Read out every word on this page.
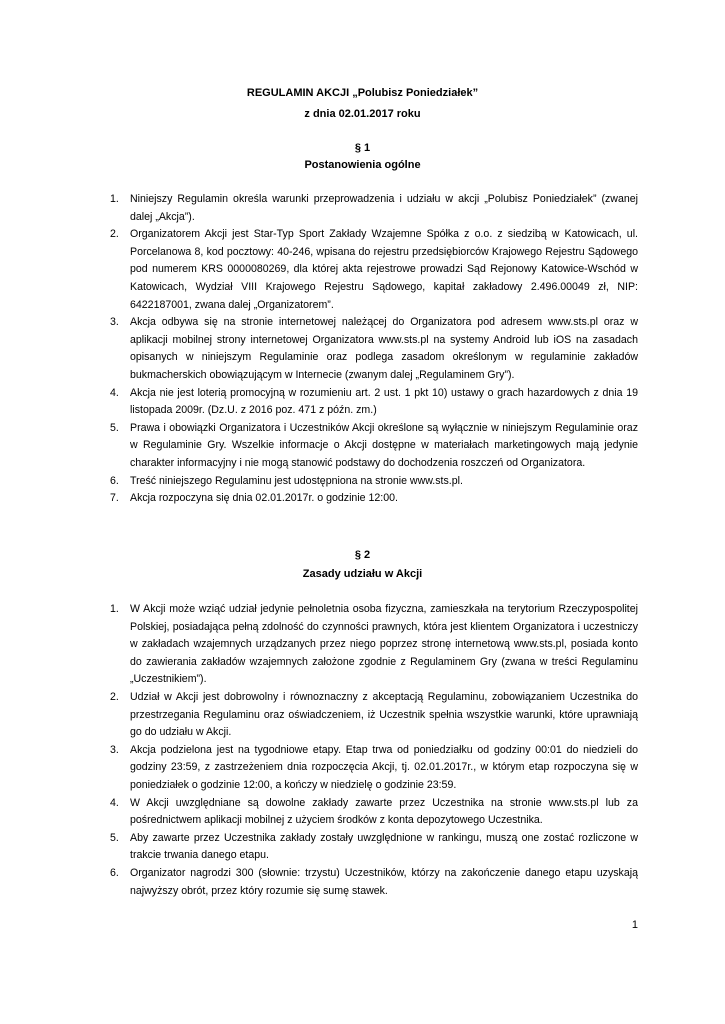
REGULAMIN AKCJI „Polubisz Poniedziałek”
z dnia 02.01.2017 roku
§ 1
Postanowienia ogólne
1. Niniejszy Regulamin określa warunki przeprowadzenia i udziału w akcji „Polubisz Poniedziałek” (zwanej dalej „Akcja”).
2. Organizatorem Akcji jest Star-Typ Sport Zakłady Wzajemne Spółka z o.o. z siedzibą w Katowicach, ul. Porcelanowa 8, kod pocztowy: 40-246, wpisana do rejestru przedsiębiorców Krajowego Rejestru Sądowego pod numerem KRS 0000080269, dla której akta rejestrowe prowadzi Sąd Rejonowy Katowice-Wschód w Katowicach, Wydział VIII Krajowego Rejestru Sądowego, kapitał zakładowy 2.496.00049 zł, NIP: 6422187001, zwana dalej „Organizatorem”.
3. Akcja odbywa się na stronie internetowej należącej do Organizatora pod adresem www.sts.pl oraz w aplikacji mobilnej strony internetowej Organizatora www.sts.pl na systemy Android lub iOS na zasadach opisanych w niniejszym Regulaminie oraz podlega zasadom określonym w regulaminie zakładów bukmacherskich obowiązującym w Internecie (zwanym dalej „Regulaminem Gry”).
4. Akcja nie jest loterią promocyjną w rozumieniu art. 2 ust. 1 pkt 10) ustawy o grach hazardowych z dnia 19 listopada 2009r. (Dz.U. z 2016 poz. 471 z późn. zm.)
5. Prawa i obowiązki Organizatora i Uczestników Akcji określone są wyłącznie w niniejszym Regulaminie oraz w Regulaminie Gry. Wszelkie informacje o Akcji dostępne w materiałach marketingowych mają jedynie charakter informacyjny i nie mogą stanowić podstawy do dochodzenia roszczeń od Organizatora.
6. Treść niniejszego Regulaminu jest udostępniona na stronie www.sts.pl.
7. Akcja rozpoczyna się dnia 02.01.2017r. o godzinie 12:00.
§ 2
Zasady udziału w Akcji
1. W Akcji może wziąć udział jedynie pełnoletnia osoba fizyczna, zamieszkała na terytorium Rzeczypospolitej Polskiej, posiadająca pełną zdolność do czynności prawnych, która jest klientem Organizatora i uczestniczy w zakładach wzajemnych urządzanych przez niego poprzez stronę internetową www.sts.pl, posiada konto do zawierania zakładów wzajemnych założone zgodnie z Regulaminem Gry (zwana w treści Regulaminu „Uczestnikiem”).
2. Udział w Akcji jest dobrowolny i równoznaczny z akceptacją Regulaminu, zobowiązaniem Uczestnika do przestrzegania Regulaminu oraz oświadczeniem, iż Uczestnik spełnia wszystkie warunki, które uprawniają go do udziału w Akcji.
3. Akcja podzielona jest na tygodniowe etapy. Etap trwa od poniedziałku od godziny 00:01 do niedzieli do godziny 23:59, z zastrzeżeniem dnia rozpoczęcia Akcji, tj. 02.01.2017r., w którym etap rozpoczyna się w poniedziałek o godzinie 12:00, a kończy w niedzielę o godzinie 23:59.
4. W Akcji uwzględniane są dowolne zakłady zawarte przez Uczestnika na stronie www.sts.pl lub za pośrednictwem aplikacji mobilnej z użyciem środków z konta depozytowego Uczestnika.
5. Aby zawarte przez Uczestnika zakłady zostały uwzględnione w rankingu, muszą one zostać rozliczone w trakcie trwania danego etapu.
6. Organizator nagrodzi 300 (słownie: trzystu) Uczestników, którzy na zakończenie danego etapu uzyskają najwyższy obrót, przez który rozumie się sumę stawek.
1
